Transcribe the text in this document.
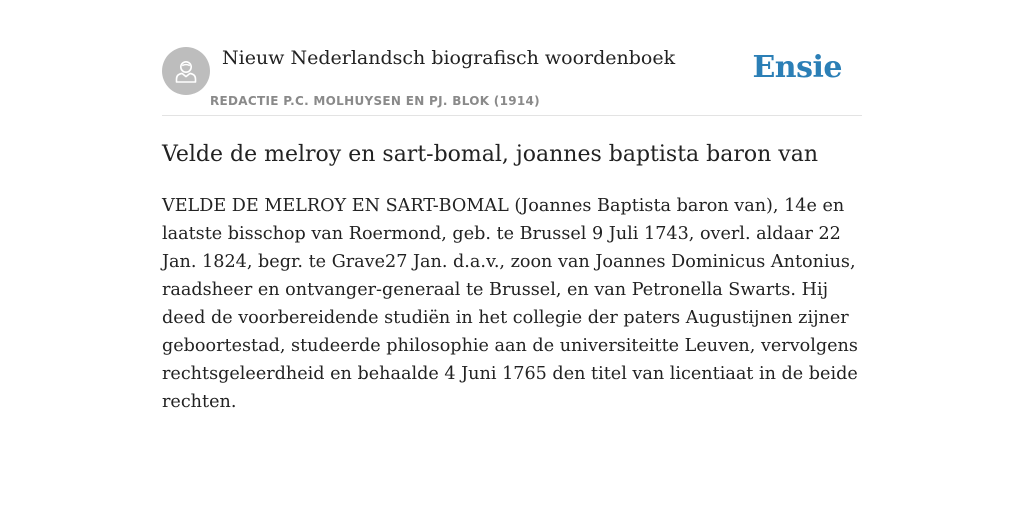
Nieuw Nederlandsch biografisch woordenboek
REDACTIE P.C. MOLHUYSEN EN PJ. BLOK (1914)
Ensie
Velde de melroy en sart-bomal, joannes baptista baron van

VELDE DE MELROY EN SART-BOMAL (Joannes Baptista baron van), 14e en laatste bisschop van Roermond, geb. te Brussel 9 Juli 1743, overl. aldaar 22 Jan. 1824, begr. te Grave27 Jan. d.a.v., zoon van Joannes Dominicus Antonius, raadsheer en ontvanger-generaal te Brussel, en van Petronella Swarts. Hij deed de voorbereidende studiën in het collegie der paters Augustijnen zijner geboortestad, studeerde philosophie aan de universiteitte Leuven, vervolgens rechtsgeleerdheid en behaalde 4 Juni 1765 den titel van licentiaat in de beide rechten.
